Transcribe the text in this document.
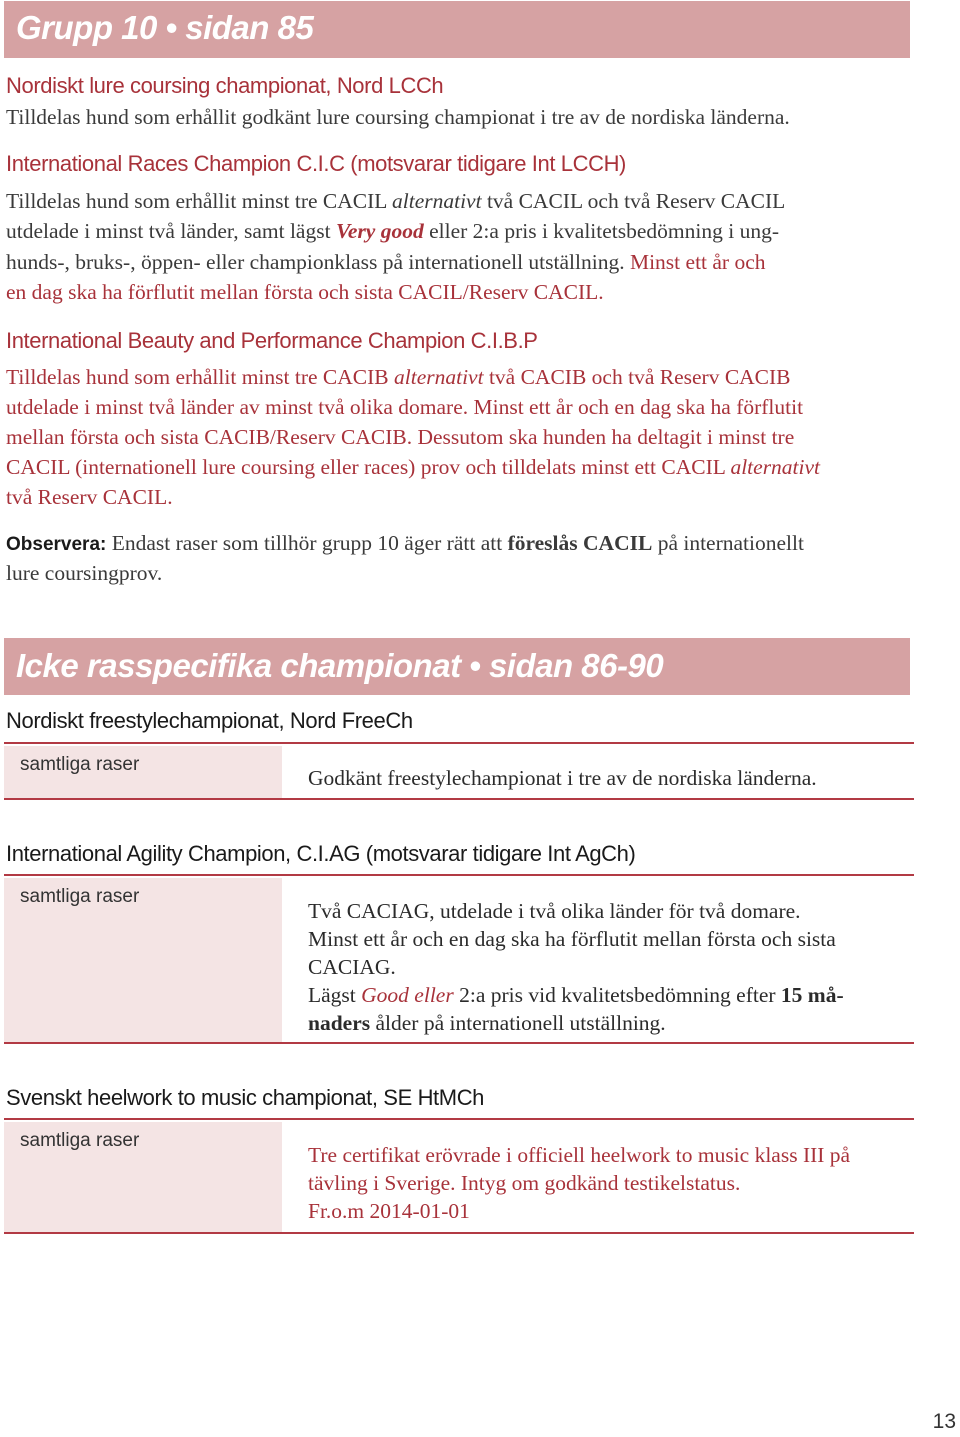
Grupp 10 • sidan 85
Nordiskt lure coursing championat, Nord LCCh
Tilldelas hund som erhållit godkänt lure coursing championat i tre av de nordiska länderna.
International Races Champion C.I.C (motsvarar tidigare Int LCCH)
Tilldelas hund som erhållit minst tre CACIL alternativt två CACIL och två Reserv CACIL
utdelade i minst två länder, samt lägst Very good eller 2:a pris i kvalitetsbedömning i ung-
hunds-, bruks-, öppen- eller championklass på internationell utställning. Minst ett år och
en dag ska ha förflutit mellan första och sista CACIL/Reserv CACIL.
International Beauty and Performance Champion C.I.B.P
Tilldelas hund som erhållit minst tre CACIB alternativt två CACIB och två Reserv CACIB
utdelade i minst två länder av minst två olika domare. Minst ett år och en dag ska ha förflutit
mellan första och sista CACIB/Reserv CACIB. Dessutom ska hunden ha deltagit i minst tre
CACIL (internationell lure coursing eller races) prov och tilldelats minst ett CACIL alternativt
två Reserv CACIL.
Observera: Endast raser som tillhör grupp 10 äger rätt att föreslås CACIL på internationellt
lure coursingprov.
Icke rasspecifika championat • sidan 86-90
Nordiskt freestylechampionat, Nord FreeCh
samtliga raser
Godkänt freestylechampionat i tre av de nordiska länderna.
International Agility Champion, C.I.AG (motsvarar tidigare Int AgCh)
samtliga raser
Två CACIAG, utdelade i två olika länder för två domare.
Minst ett år och en dag ska ha förflutit mellan första och sista
CACIAG.
Lägst Good eller 2:a pris vid kvalitetsbedömning efter 15 må-
naders ålder på internationell utställning.
Svenskt heelwork to music championat, SE HtMCh
samtliga raser
Tre certifikat erövrade i officiell heelwork to music klass III på
tävling i Sverige. Intyg om godkänd testikelstatus.
Fr.o.m 2014-01-01
13
